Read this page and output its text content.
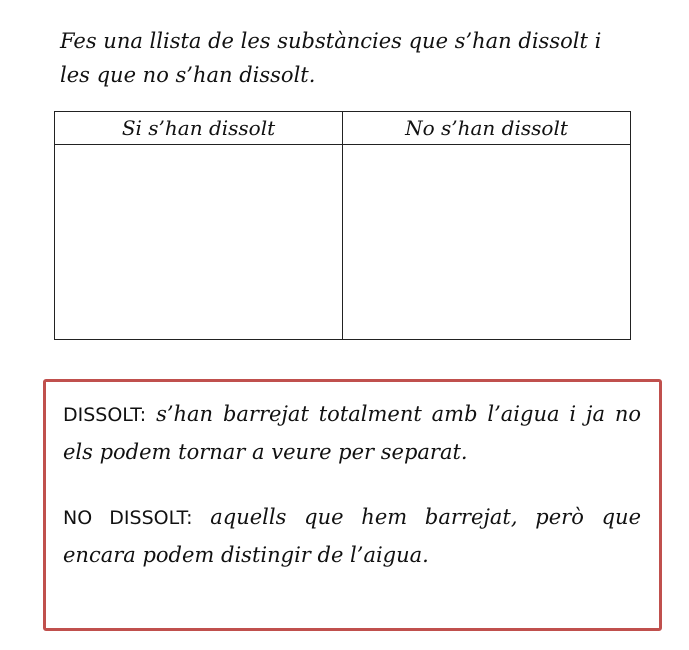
Fes una llista de les substàncies que s’han dissolt i
les que no s’han dissolt.

Si s’han dissolt	No s’han dissolt

DISSOLT: s’han barrejat totalment amb l’aigua i ja no els podem tornar a veure per separat.

NO DISSOLT: aquells que hem barrejat, però que encara podem distingir de l’aigua.
